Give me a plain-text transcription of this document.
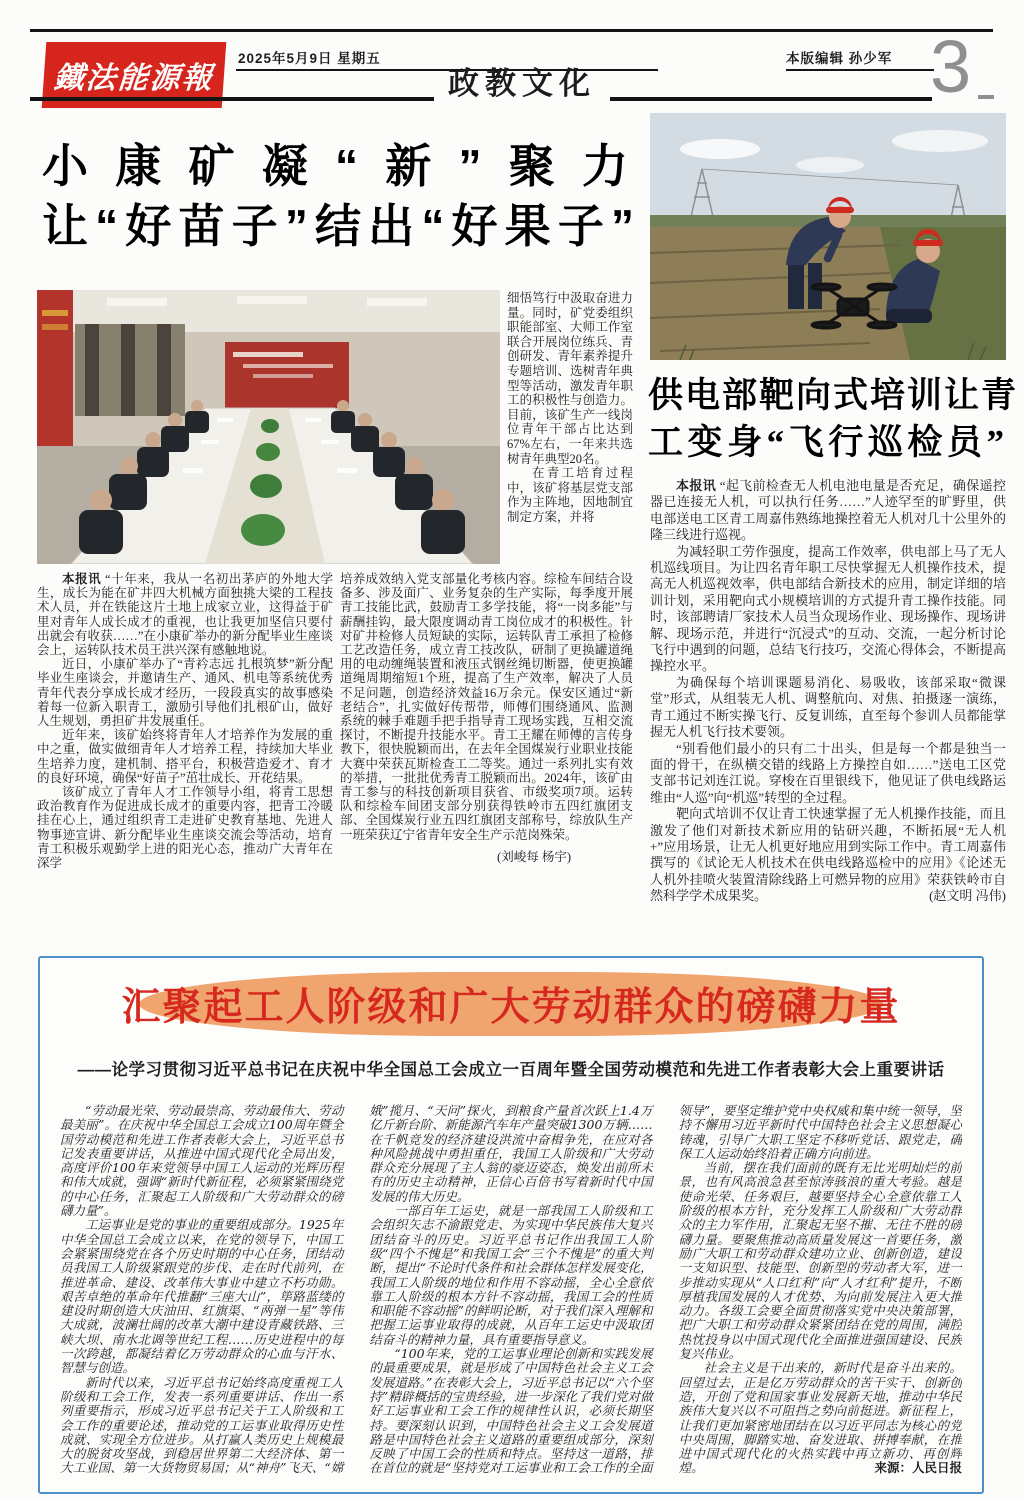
鐵法能源報
2025年5月9日 星期五	本版编辑 孙少军
政教文化	3
小康矿凝“新”聚力
让“好苗子”结出“好果子”

细悟笃行中汲取奋进力量。同时，矿党委组织职能部室、大师工作室联合开展岗位练兵、青创研发、青年素养提升专题培训、选树青年典型等活动，激发青年职工的积极性与创造力。目前，该矿生产一线岗位青年干部占比达到67%左右，一年来共选树青年典型20名。

在青工培育过程中，该矿将基层党支部作为主阵地，因地制宜制定方案，并将

本报讯 “十年来，我从一名初出茅庐的外地大学生，成长为能在矿井四大机械方面独挑大梁的工程技术人员，并在铁能这片土地上成家立业，这得益于矿里对青年人成长成才的重视，也让我更加坚信只要付出就会有收获……”在小康矿举办的新分配毕业生座谈会上，运转队技术员王洪兴深有感触地说。

近日，小康矿举办了“青衿志远 扎根筑梦”新分配毕业生座谈会，并邀请生产、通风、机电等系统优秀青年代表分享成长成才经历，一段段真实的故事感染着每一位新入职青工，激励引导他们扎根矿山，做好人生规划，勇担矿井发展重任。

近年来，该矿始终将青年人才培养作为发展的重中之重，做实做细青年人才培养工程，持续加大毕业生培养力度，建机制、搭平台，积极营造爱才、育才的良好环境，确保“好苗子”茁壮成长、开花结果。

该矿成立了青年人才工作领导小组，将青工思想政治教育作为促进成长成才的重要内容，把青工冷暖挂在心上，通过组织青工走进矿史教育基地、先进人物事迹宣讲、新分配毕业生座谈交流会等活动，培育青工积极乐观勤学上进的阳光心态，推动广大青年在深学

培养成效纳入党支部量化考核内容。综检车间结合设备多、涉及面广、业务复杂的生产实际，每季度开展青工技能比武，鼓励青工多学技能，将“一岗多能”与薪酬挂钩，最大限度调动青工岗位成才的积极性。针对矿井检修人员短缺的实际，运转队青工承担了检修工艺改造任务，成立青工技改队，研制了更换罐道绳用的电动缠绳装置和液压式钢丝绳切断器，使更换罐道绳周期缩短1个班，提高了生产效率，解决了人员不足问题，创造经济效益16万余元。保安区通过“新老结合”，扎实做好传帮带，师傅们围绕通风、监测系统的棘手难题手把手指导青工现场实践，互相交流探讨，不断提升技能水平。青工王耀在师傅的言传身教下，很快脱颖而出，在去年全国煤炭行业职业技能大赛中荣获瓦斯检查工二等奖。通过一系列扎实有效的举措，一批批优秀青工脱颖而出。2024年，该矿由青工参与的科技创新项目获省、市级奖项7项。运转队和综检车间团支部分别获得铁岭市五四红旗团支部、全国煤炭行业五四红旗团支部称号，综放队生产一班荣获辽宁省青年安全生产示范岗殊荣。

(刘峻每 杨宇)

供电部靶向式培训让青
工变身“飞行巡检员”

本报讯 “起飞前检查无人机电池电量是否充足，确保遥控器已连接无人机，可以执行任务……”人迹罕至的旷野里，供电部送电工区青工周嘉伟熟练地操控着无人机对几十公里外的隆三线进行巡视。

为减轻职工劳作强度，提高工作效率，供电部上马了无人机巡线项目。为让四名青年职工尽快掌握无人机操作技术，提高无人机巡视效率，供电部结合新技术的应用，制定详细的培训计划，采用靶向式小规模培训的方式提升青工操作技能。同时，该部聘请厂家技术人员当众现场作业、现场操作、现场讲解、现场示范，并进行“沉浸式”的互动、交流，一起分析讨论飞行中遇到的问题，总结飞行技巧，交流心得体会，不断提高操控水平。

为确保每个培训课题易消化、易吸收，该部采取“微课堂”形式，从组装无人机、调整航向、对焦、拍摄逐一演练，青工通过不断实操飞行、反复训练，直至每个参训人员都能掌握无人机飞行技术要领。

“别看他们最小的只有二十出头，但是每一个都是独当一面的骨干，在纵横交错的线路上方操控自如……”送电工区党支部书记刘连江说。穿梭在百里银线下，他见证了供电线路运维由“人巡”向“机巡”转型的全过程。

靶向式培训不仅让青工快速掌握了无人机操作技能，而且激发了他们对新技术新应用的钻研兴趣，不断拓展“无人机+”应用场景，让无人机更好地应用到实际工作中。青工周嘉伟撰写的《试论无人机技术在供电线路巡检中的应用》《论述无人机外挂喷火装置清除线路上可燃异物的应用》荣获铁岭市自然科学学术成果奖。	(赵文明 冯伟)

汇聚起工人阶级和广大劳动群众的磅礴力量
——论学习贯彻习近平总书记在庆祝中华全国总工会成立一百周年暨全国劳动模范和先进工作者表彰大会上重要讲话

“劳动最光荣、劳动最崇高、劳动最伟大、劳动最美丽”。在庆祝中华全国总工会成立100周年暨全国劳动模范和先进工作者表彰大会上，习近平总书记发表重要讲话，从推进中国式现代化全局出发，高度评价100年来党领导中国工人运动的光辉历程和伟大成就，强调“新时代新征程，必须紧紧围绕党的中心任务，汇聚起工人阶级和广大劳动群众的磅礴力量”。

工运事业是党的事业的重要组成部分。1925年中华全国总工会成立以来，在党的领导下，中国工会紧紧围绕党在各个历史时期的中心任务，团结动员我国工人阶级紧跟党的步伐、走在时代前列，在推进革命、建设、改革伟大事业中建立不朽功勋。艰苦卓绝的革命年代推翻“三座大山”，筚路蓝缕的建设时期创造大庆油田、红旗渠、“两弹一星”等伟大成就，波澜壮阔的改革大潮中建设青藏铁路、三峡大坝、南水北调等世纪工程……历史进程中的每一次跨越，都凝结着亿万劳动群众的心血与汗水、智慧与创造。

新时代以来，习近平总书记始终高度重视工人阶级和工会工作，发表一系列重要讲话、作出一系列重要指示，形成习近平总书记关于工人阶级和工会工作的重要论述，推动党的工运事业取得历史性成就、实现全方位进步。从打赢人类历史上规模最大的脱贫攻坚战，到稳居世界第二大经济体、第一大工业国、第一大货物贸易国；从“神舟”飞天、“嫦娥”揽月、“天问”探火，到粮食产量首次跃上1.4万亿斤新台阶、新能源汽车年产量突破1300万辆……在千帆竞发的经济建设洪流中奋楫争先，在应对各种风险挑战中勇担重任，我国工人阶级和广大劳动群众充分展现了主人翁的豪迈姿态，焕发出前所未有的历史主动精神，正信心百倍书写着新时代中国发展的伟大历史。

一部百年工运史，就是一部我国工人阶级和工会组织矢志不渝跟党走、为实现中华民族伟大复兴团结奋斗的历史。习近平总书记作出我国工人阶级“四个不愧是”和我国工会“三个不愧是”的重大判断，提出“不论时代条件和社会群体怎样发展变化，我国工人阶级的地位和作用不容动摇，全心全意依靠工人阶级的根本方针不容动摇，我国工会的性质和职能不容动摇”的鲜明论断，对于我们深入理解和把握工运事业取得的成就，从百年工运史中汲取团结奋斗的精神力量，具有重要指导意义。

“100年来，党的工运事业理论创新和实践发展的最重要成果，就是形成了中国特色社会主义工会发展道路。”在表彰大会上，习近平总书记以“六个坚持”精辟概括的宝贵经验，进一步深化了我们党对做好工运事业和工会工作的规律性认识，必须长期坚持。要深刻认识到，中国特色社会主义工会发展道路是中国特色社会主义道路的重要组成部分，深刻反映了中国工会的性质和特点。坚持这一道路，排在首位的就是“坚持党对工运事业和工会工作的全面领导”，要坚定维护党中央权威和集中统一领导，坚持不懈用习近平新时代中国特色社会主义思想凝心铸魂，引导广大职工坚定不移听党话、跟党走，确保工人运动始终沿着正确方向前进。

当前，摆在我们面前的既有无比光明灿烂的前景，也有风高浪急甚至惊涛骇浪的重大考验。越是使命光荣、任务艰巨，越要坚持全心全意依靠工人阶级的根本方针，充分发挥工人阶级和广大劳动群众的主力军作用，汇聚起无坚不摧、无往不胜的磅礴力量。要聚焦推动高质量发展这一首要任务，激励广大职工和劳动群众建功立业、创新创造，建设一支知识型、技能型、创新型的劳动者大军，进一步推动实现从“人口红利”向“人才红利”提升，不断厚植我国发展的人才优势、为向前发展注入更大推动力。各级工会要全面贯彻落实党中央决策部署，把广大职工和劳动群众紧紧团结在党的周围，满腔热忱投身以中国式现代化全面推进强国建设、民族复兴伟业。

社会主义是干出来的，新时代是奋斗出来的。回望过去，正是亿万劳动群众的苦干实干、创新创造，开创了党和国家事业发展新天地，推动中华民族伟大复兴以不可阻挡之势向前挺进。新征程上，让我们更加紧密地团结在以习近平同志为核心的党中央周围，脚踏实地、奋发进取、拼搏奉献，在推进中国式现代化的火热实践中再立新功、再创辉煌。	来源：人民日报
